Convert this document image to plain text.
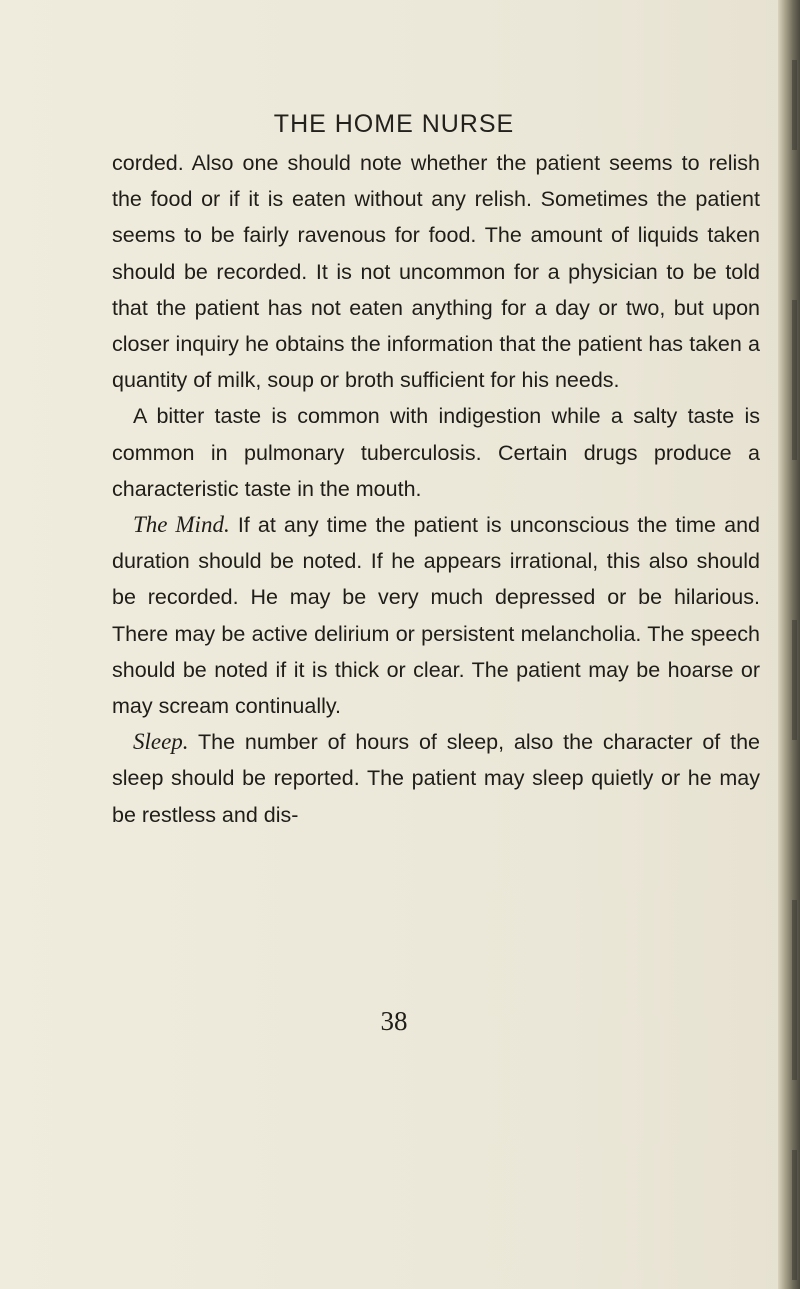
THE HOME NURSE

corded. Also one should note whether the patient seems to relish the food or if it is eaten without any relish. Sometimes the patient seems to be fairly ravenous for food. The amount of liquids taken should be recorded. It is not uncommon for a physician to be told that the patient has not eaten anything for a day or two, but upon closer inquiry he obtains the information that the patient has taken a quantity of milk, soup or broth sufficient for his needs.

A bitter taste is common with indigestion while a salty taste is common in pulmonary tuberculosis. Certain drugs produce a characteristic taste in the mouth.

The Mind. If at any time the patient is unconscious the time and duration should be noted. If he appears irrational, this also should be recorded. He may be very much depressed or be hilarious. There may be active delirium or persistent melancholia. The speech should be noted if it is thick or clear. The patient may be hoarse or may scream continually.

Sleep. The number of hours of sleep, also the character of the sleep should be reported. The patient may sleep quietly or he may be restless and dis-

38
